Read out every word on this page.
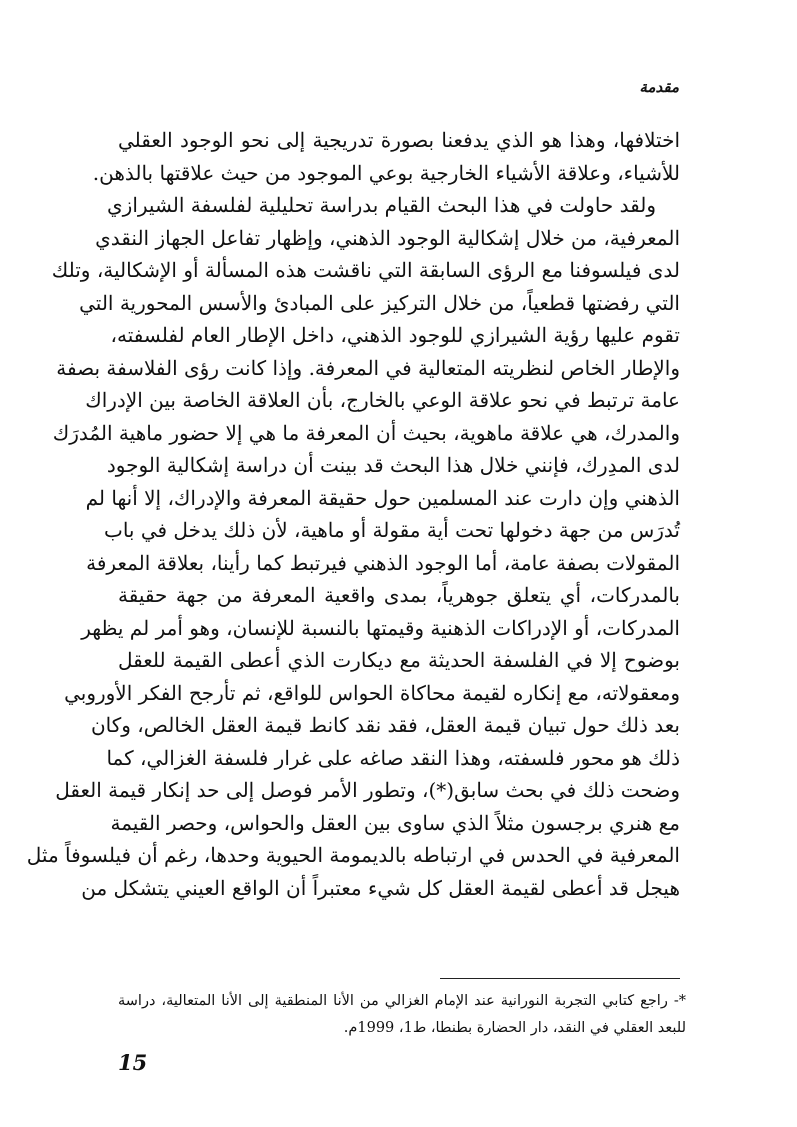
مقدمة
اختلافها، وهذا هو الذي يدفعنا بصورة تدريجية إلى نحو الوجود العقلي
للأشياء، وعلاقة الأشياء الخارجية بوعي الموجود من حيث علاقتها بالذهن.
ولقد حاولت في هذا البحث القيام بدراسة تحليلية لفلسفة الشيرازي
المعرفية، من خلال إشكالية الوجود الذهني، وإظهار تفاعل الجهاز النقدي
لدى فيلسوفنا مع الرؤى السابقة التي ناقشت هذه المسألة أو الإشكالية، وتلك
التي رفضتها قطعياً، من خلال التركيز على المبادئ والأسس المحورية التي
تقوم عليها رؤية الشيرازي للوجود الذهني، داخل الإطار العام لفلسفته،
والإطار الخاص لنظريته المتعالية في المعرفة. وإذا كانت رؤى الفلاسفة بصفة
عامة ترتبط في نحو علاقة الوعي بالخارج، بأن العلاقة الخاصة بين الإدراك
والمدرك، هي علاقة ماهوية، بحيث أن المعرفة ما هي إلا حضور ماهية المُدرَك
لدى المدِرك، فإنني خلال هذا البحث قد بينت أن دراسة إشكالية الوجود
الذهني وإن دارت عند المسلمين حول حقيقة المعرفة والإدراك، إلا أنها لم
تُدرَس من جهة دخولها تحت أية مقولة أو ماهية، لأن ذلك يدخل في باب
المقولات بصفة عامة، أما الوجود الذهني فيرتبط كما رأينا، بعلاقة المعرفة
بالمدركات، أي يتعلق جوهرياً، بمدى واقعية المعرفة من جهة حقيقة
المدركات، أو الإدراكات الذهنية وقيمتها بالنسبة للإنسان، وهو أمر لم يظهر
بوضوح إلا في الفلسفة الحديثة مع ديكارت الذي أعطى القيمة للعقل
ومعقولاته، مع إنكاره لقيمة محاكاة الحواس للواقع، ثم تأرجح الفكر الأوروبي
بعد ذلك حول تبيان قيمة العقل، فقد نقد كانط قيمة العقل الخالص، وكان
ذلك هو محور فلسفته، وهذا النقد صاغه على غرار فلسفة الغزالي، كما
وضحت ذلك في بحث سابق(*)، وتطور الأمر فوصل إلى حد إنكار قيمة العقل
مع هنري برجسون مثلاً الذي ساوى بين العقل والحواس، وحصر القيمة
المعرفية في الحدس في ارتباطه بالديمومة الحيوية وحدها، رغم أن فيلسوفاً مثل
هيجل قد أعطى لقيمة العقل كل شيء معتبراً أن الواقع العيني يتشكل من
*- راجع كتابي التجربة النورانية عند الإمام الغزالي من الأنا المنطقية إلى الأنا المتعالية، دراسة
للبعد العقلي في النقد، دار الحضارة بطنطا، ط1، 1999م.
15
